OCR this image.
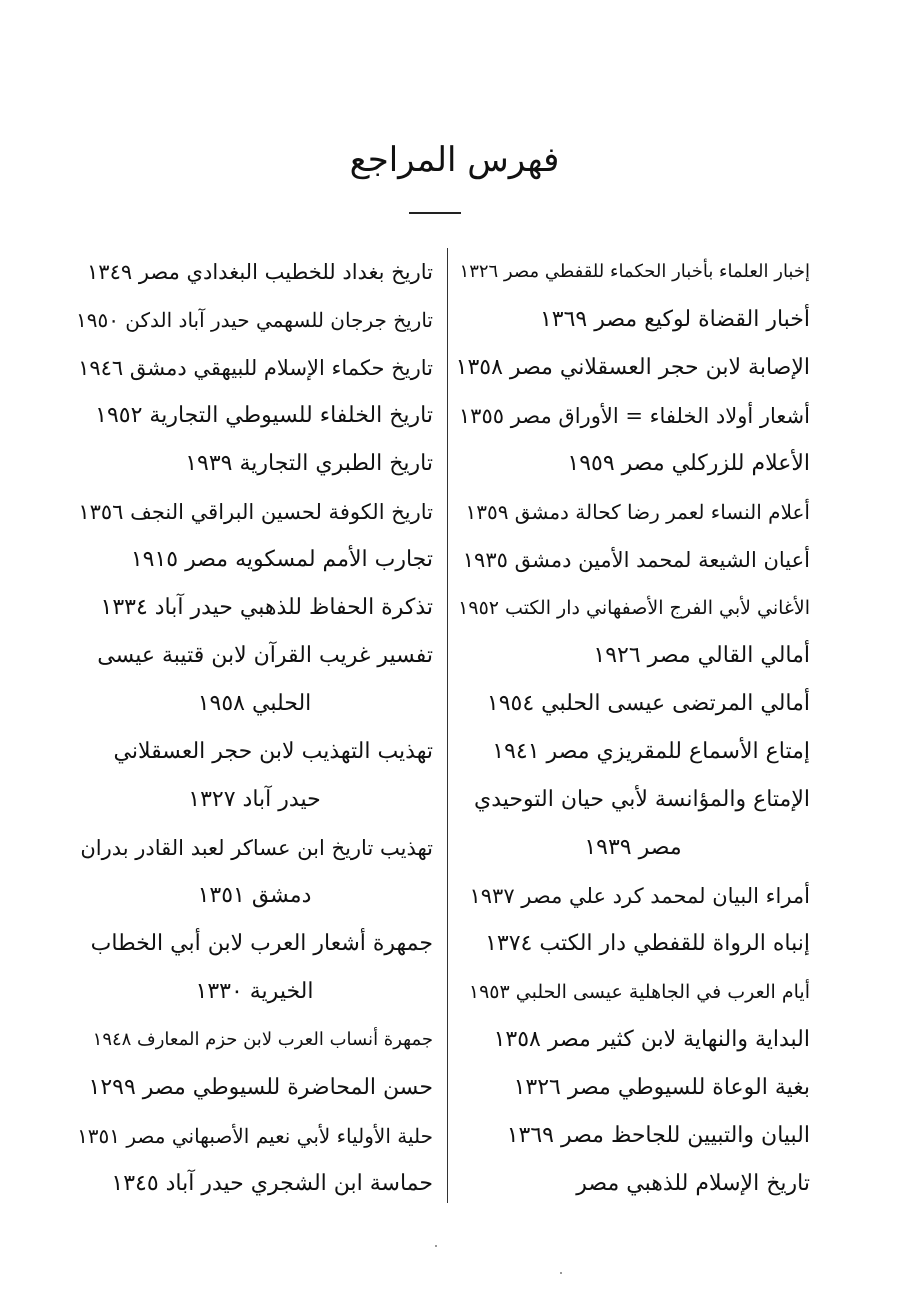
فهرس المراجع
إخبار العلماء بأخبار الحكماء للقفطي مصر ١٣٢٦
أخبار القضاة لوكيع مصر ١٣٦٩
الإصابة لابن حجر العسقلاني مصر ١٣٥٨
أشعار أولاد الخلفاء = الأوراق مصر ١٣٥٥
الأعلام للزركلي مصر ١٩٥٩
أعلام النساء لعمر رضا كحالة دمشق ١٣٥٩
أعيان الشيعة لمحمد الأمين دمشق ١٩٣٥
الأغاني لأبي الفرج الأصفهاني دار الكتب ١٩٥٢
أمالي القالي مصر ١٩٢٦
أمالي المرتضى عيسى الحلبي ١٩٥٤
إمتاع الأسماع للمقريزي مصر ١٩٤١
الإمتاع والمؤانسة لأبي حيان التوحيدي
مصر ١٩٣٩
أمراء البيان لمحمد كرد علي مصر ١٩٣٧
إنباه الرواة للقفطي دار الكتب ١٣٧٤
أيام العرب في الجاهلية عيسى الحلبي ١٩٥٣
البداية والنهاية لابن كثير مصر ١٣٥٨
بغية الوعاة للسيوطي مصر ١٣٢٦
البيان والتبيين للجاحظ مصر ١٣٦٩
تاريخ الإسلام للذهبي مصر
تاريخ بغداد للخطيب البغدادي مصر ١٣٤٩
تاريخ جرجان للسهمي حيدر آباد الدكن ١٩٥٠
تاريخ حكماء الإسلام للبيهقي دمشق ١٩٤٦
تاريخ الخلفاء للسيوطي التجارية ١٩٥٢
تاريخ الطبري التجارية ١٩٣٩
تاريخ الكوفة لحسين البراقي النجف ١٣٥٦
تجارب الأمم لمسكويه مصر ١٩١٥
تذكرة الحفاظ للذهبي حيدر آباد ١٣٣٤
تفسير غريب القرآن لابن قتيبة عيسى
الحلبي ١٩٥٨
تهذيب التهذيب لابن حجر العسقلاني
حيدر آباد ١٣٢٧
تهذيب تاريخ ابن عساكر لعبد القادر بدران
دمشق ١٣٥١
جمهرة أشعار العرب لابن أبي الخطاب
الخيرية ١٣٣٠
جمهرة أنساب العرب لابن حزم المعارف ١٩٤٨
حسن المحاضرة للسيوطي مصر ١٢٩٩
حلية الأولياء لأبي نعيم الأصبهاني مصر ١٣٥١
حماسة ابن الشجري حيدر آباد ١٣٤٥
